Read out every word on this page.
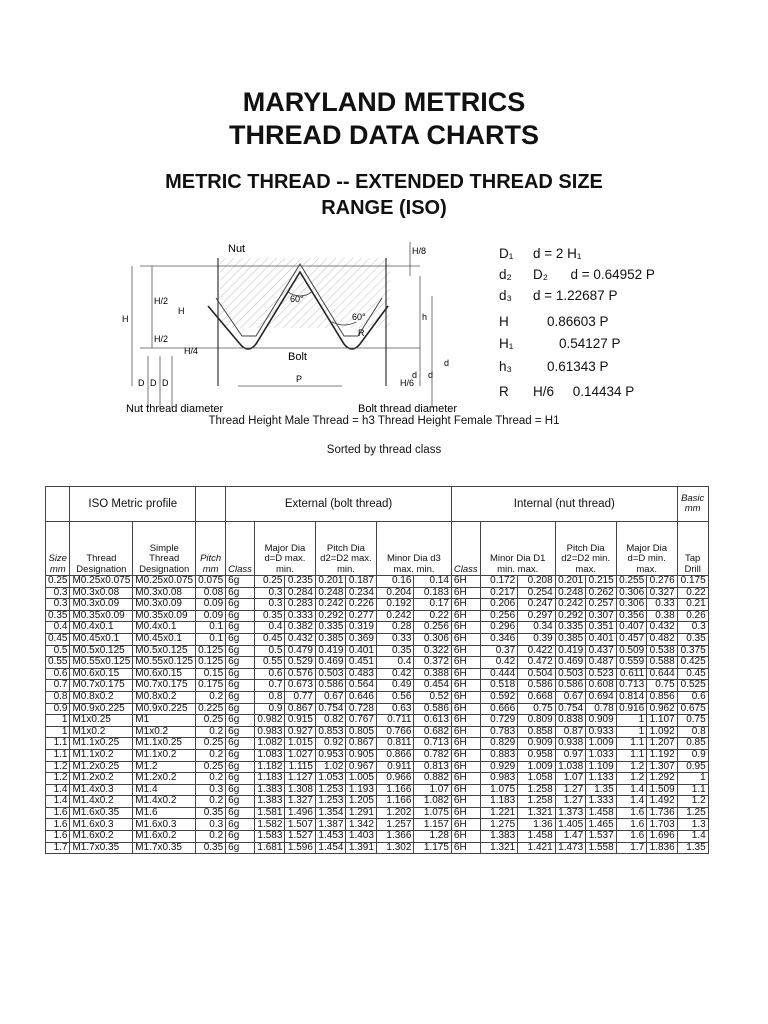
MARYLAND METRICS
THREAD DATA CHARTS
METRIC THREAD -- EXTENDED THREAD SIZE
RANGE (ISO)
Nut
Bolt
60°
60°
H
H/2
H/2
H/4
H
H/8
H/6
h
d
d d
D D D	P
R
Nut thread diameter	Bolt thread diameter
D₁ d = 2 H₁
d₂ D₂      d = 0.64952 P
d₃ d = 1.22687 P
H	0.86603 P
H₁	0.54127 P
h₃	0.61343 P
R H/6     0.14434 P
Thread Height Male Thread = h3 Thread Height Female Thread = H1
Sorted by thread class
	ISO Metric profile			External (bolt thread)							Internal (nut thread)							Basic mm
Size mm	Thread Designation	Simple Thread Designation	Pitch mm	Class	Major Dia d=D max. min.		Pitch Dia d2=D2 max. min.		Minor Dia d3 max. min.		Class	Minor Dia D1 min. max.		Pitch Dia d2=D2 min. max.		Major Dia d=D min. max.		Tap Drill
0.25	M0.25x0.075	M0.25x0.075	0.075	6g	0.25	0.235	0.201	0.187	0.16	0.14	6H	0.172	0.208	0.201	0.215	0.255	0.276	0.175
0.3	M0.3x0.08	M0.3x0.08	0.08	6g	0.3	0.284	0.248	0.234	0.204	0.183	6H	0.217	0.254	0.248	0.262	0.306	0.327	0.22
0.3	M0.3x0.09	M0.3x0.09	0.09	6g	0.3	0.283	0.242	0.226	0.192	0.17	6H	0.206	0.247	0.242	0.257	0.306	0.33	0.21
0.35	M0.35x0.09	M0.35x0.09	0.09	6g	0.35	0.333	0.292	0.277	0.242	0.22	6H	0.256	0.297	0.292	0.307	0.356	0.38	0.26
0.4	M0.4x0.1	M0.4x0.1	0.1	6g	0.4	0.382	0.335	0.319	0.28	0.256	6H	0.296	0.34	0.335	0.351	0.407	0.432	0.3
0.45	M0.45x0.1	M0.45x0.1	0.1	6g	0.45	0.432	0.385	0.369	0.33	0.306	6H	0.346	0.39	0.385	0.401	0.457	0.482	0.35
0.5	M0.5x0.125	M0.5x0.125	0.125	6g	0.5	0.479	0.419	0.401	0.35	0.322	6H	0.37	0.422	0.419	0.437	0.509	0.538	0.375
0.55	M0.55x0.125	M0.55x0.125	0.125	6g	0.55	0.529	0.469	0.451	0.4	0.372	6H	0.42	0.472	0.469	0.487	0.559	0.588	0.425
0.6	M0.6x0.15	M0.6x0.15	0.15	6g	0.6	0.576	0.503	0.483	0.42	0.388	6H	0.444	0.504	0.503	0.523	0.611	0.644	0.45
0.7	M0.7x0.175	M0.7x0.175	0.175	6g	0.7	0.673	0.586	0.564	0.49	0.454	6H	0.518	0.586	0.586	0.608	0.713	0.75	0.525
0.8	M0.8x0.2	M0.8x0.2	0.2	6g	0.8	0.77	0.67	0.646	0.56	0.52	6H	0.592	0.668	0.67	0.694	0.814	0.856	0.6
0.9	M0.9x0.225	M0.9x0.225	0.225	6g	0.9	0.867	0.754	0.728	0.63	0.586	6H	0.666	0.75	0.754	0.78	0.916	0.962	0.675
1	M1x0.25	M1	0.25	6g	0.982	0.915	0.82	0.767	0.711	0.613	6H	0.729	0.809	0.838	0.909	1	1.107	0.75
1	M1x0.2	M1x0.2	0.2	6g	0.983	0.927	0.853	0.805	0.766	0.682	6H	0.783	0.858	0.87	0.933	1	1.092	0.8
1.1	M1.1x0.25	M1.1x0.25	0.25	6g	1.082	1.015	0.92	0.867	0.811	0.713	6H	0.829	0.909	0.938	1.009	1.1	1.207	0.85
1.1	M1.1x0.2	M1.1x0.2	0.2	6g	1.083	1.027	0.953	0.905	0.866	0.782	6H	0.883	0.958	0.97	1.033	1.1	1.192	0.9
1.2	M1.2x0.25	M1.2	0.25	6g	1.182	1.115	1.02	0.967	0.911	0.813	6H	0.929	1.009	1.038	1.109	1.2	1.307	0.95
1.2	M1.2x0.2	M1.2x0.2	0.2	6g	1.183	1.127	1.053	1.005	0.966	0.882	6H	0.983	1.058	1.07	1.133	1.2	1.292	1
1.4	M1.4x0.3	M1.4	0.3	6g	1.383	1.308	1.253	1.193	1.166	1.07	6H	1.075	1.258	1.27	1.35	1.4	1.509	1.1
1.4	M1.4x0.2	M1.4x0.2	0.2	6g	1.383	1.327	1.253	1.205	1.166	1.082	6H	1.183	1.258	1.27	1.333	1.4	1.492	1.2
1.6	M1.6x0.35	M1.6	0.35	6g	1.581	1.496	1.354	1.291	1.202	1.075	6H	1.221	1.321	1.373	1.458	1.6	1.736	1.25
1.6	M1.6x0.3	M1.6x0.3	0.3	6g	1.582	1.507	1.387	1.342	1.257	1.157	6H	1.275	1.36	1.405	1.465	1.6	1.703	1.3
1.6	M1.6x0.2	M1.6x0.2	0.2	6g	1.583	1.527	1.453	1.403	1.366	1.28	6H	1.383	1.458	1.47	1.537	1.6	1.696	1.4
1.7	M1.7x0.35	M1.7x0.35	0.35	6g	1.681	1.596	1.454	1.391	1.302	1.175	6H	1.321	1.421	1.473	1.558	1.7	1.836	1.35
